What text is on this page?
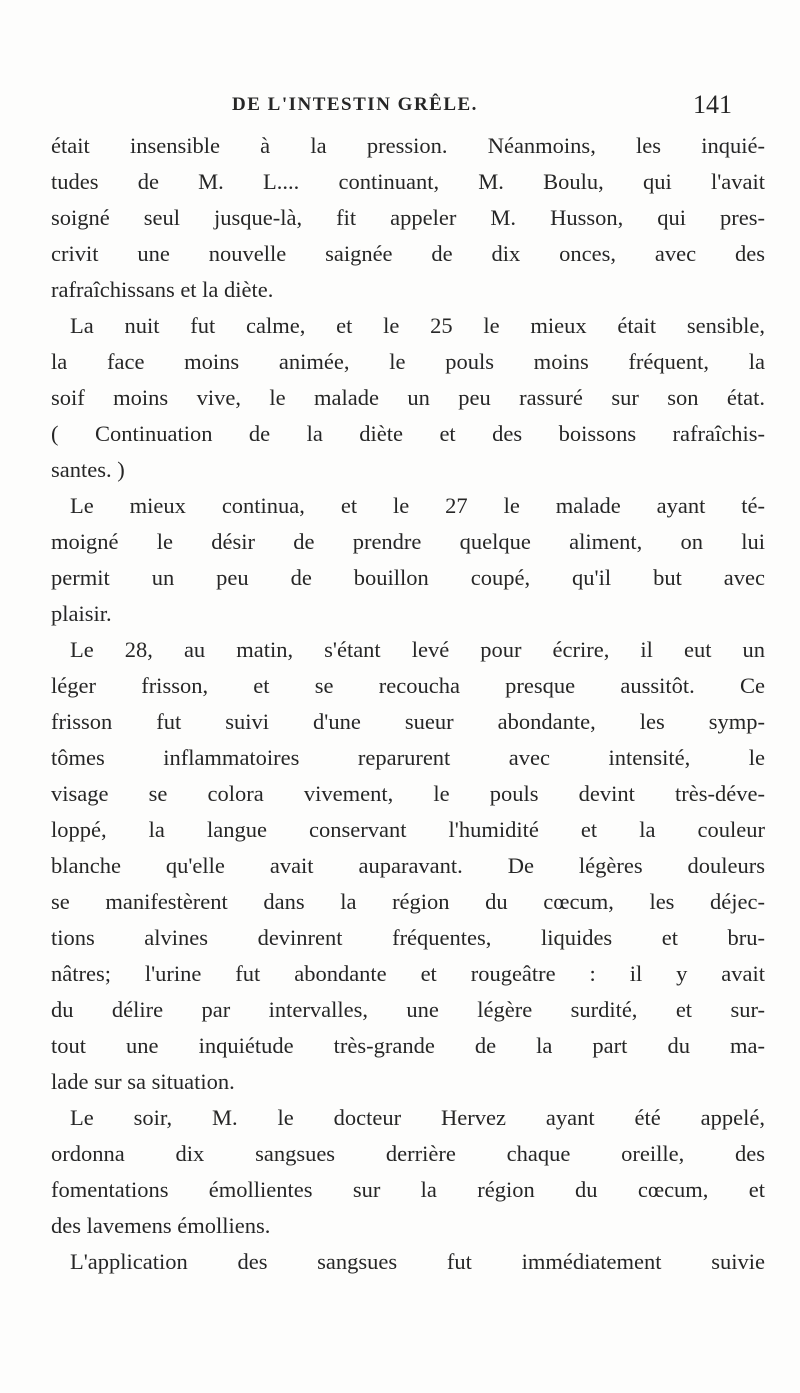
DE L'INTESTIN GRÊLE.	141
était insensible à la pression. Néanmoins, les inquié-
tudes de M. L.... continuant, M. Boulu, qui l'avait
soigné seul jusque-là, fit appeler M. Husson, qui pres-
crivit une nouvelle saignée de dix onces, avec des
rafraîchissans et la diète.
La nuit fut calme, et le 25 le mieux était sensible,
la face moins animée, le pouls moins fréquent, la
soif moins vive, le malade un peu rassuré sur son état.
( Continuation de la diète et des boissons rafraîchis-
santes. )
Le mieux continua, et le 27 le malade ayant té-
moigné le désir de prendre quelque aliment, on lui
permit un peu de bouillon coupé, qu'il but avec
plaisir.
Le 28, au matin, s'étant levé pour écrire, il eut un
léger frisson, et se recoucha presque aussitôt. Ce
frisson fut suivi d'une sueur abondante, les symp-
tômes inflammatoires reparurent avec intensité, le
visage se colora vivement, le pouls devint très-déve-
loppé, la langue conservant l'humidité et la couleur
blanche qu'elle avait auparavant. De légères douleurs
se manifestèrent dans la région du cœcum, les déjec-
tions alvines devinrent fréquentes, liquides et bru-
nâtres; l'urine fut abondante et rougeâtre : il y avait
du délire par intervalles, une légère surdité, et sur-
tout une inquiétude très-grande de la part du ma-
lade sur sa situation.
Le soir, M. le docteur Hervez ayant été appelé,
ordonna dix sangsues derrière chaque oreille, des
fomentations émollientes sur la région du cœcum, et
des lavemens émolliens.
L'application des sangsues fut immédiatement suivie
